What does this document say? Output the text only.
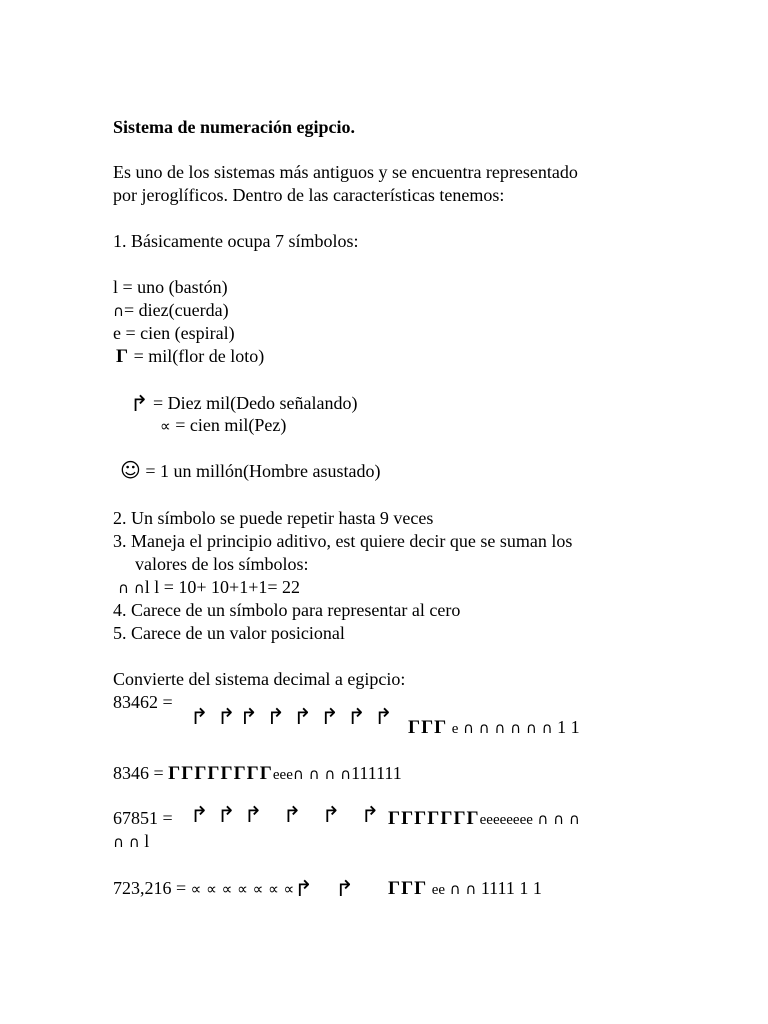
Sistema de numeración egipcio.
Es uno de los sistemas más antiguos y se encuentra representado
por jeroglíficos. Dentro de las características tenemos:
1. Básicamente ocupa 7 símbolos:
l = uno (bastón)
∩= diez(cuerda)
e = cien (espiral)
Γ = mil(flor de loto)
↱ = Diez mil(Dedo señalando)
∝ = cien mil(Pez)
☺ = 1 un millón(Hombre asustado)
2. Un símbolo se puede repetir hasta 9 veces
3. Maneja el principio aditivo, est quiere decir que se suman los
valores de los símbolos:
∩ ∩l l = 10+ 10+1+1= 22
4. Carece de un símbolo para representar al cero
5. Carece de un valor posicional
Convierte del sistema decimal a egipcio:
83462 =
↱ ↱ ↱ ↱ ↱ ↱ ↱ ↱ ΓΓΓ e ∩ ∩ ∩ ∩ ∩ ∩ 1 1
8346 = ΓΓΓΓΓΓΓΓeee∩ ∩ ∩ ∩111111
67851 = ↱ ↱ ↱ ↱ ↱ ↱ ΓΓΓΓΓΓΓeeeeeeee ∩ ∩ ∩
∩ ∩ l
723,216 = ∝ ∝ ∝ ∝ ∝ ∝ ∝↱ ↱ ΓΓΓ ee ∩ ∩ 1111 1 1
